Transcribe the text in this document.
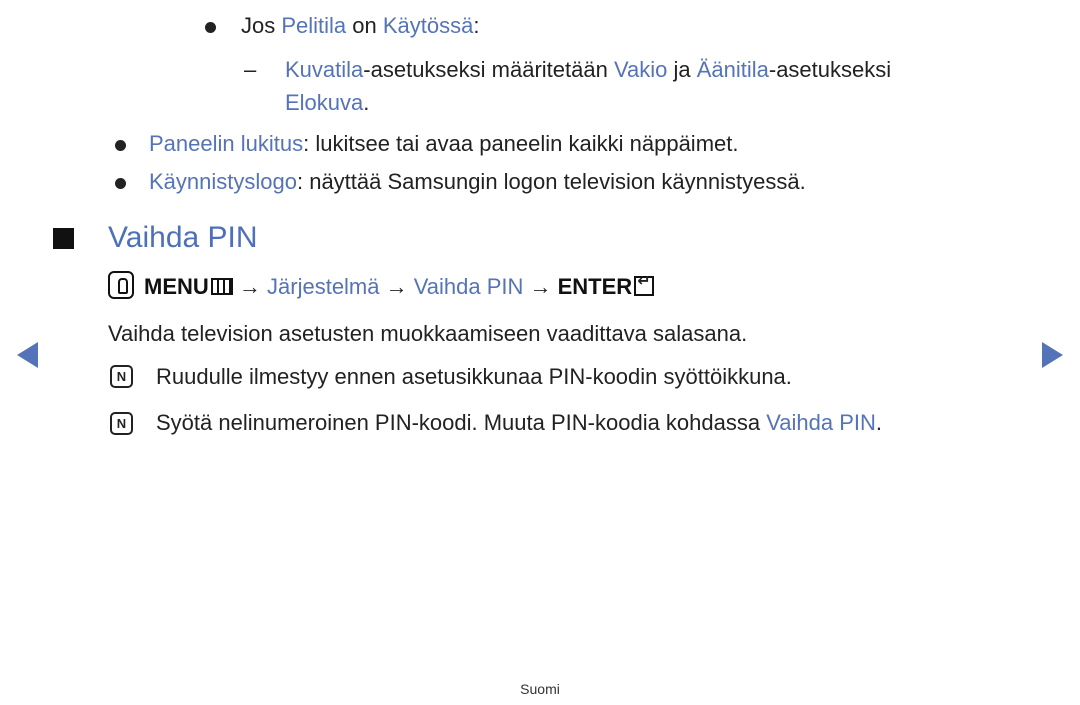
Jos Pelitila on Käytössä:
– Kuvatila-asetukseksi määritetään Vakio ja Äänitila-asetukseksi
Elokuva.
Paneelin lukitus: lukitsee tai avaa paneelin kaikki näppäimet.
Käynnistyslogo: näyttää Samsungin logon television käynnistyessä.
Vaihda PIN
MENU → Järjestelmä → Vaihda PIN → ENTER↵
Vaihda television asetusten muokkaamiseen vaadittava salasana.
N	Ruudulle ilmestyy ennen asetusikkunaa PIN-koodin syöttöikkuna.
N	Syötä nelinumeroinen PIN-koodi. Muuta PIN-koodia kohdassa Vaihda PIN.
Suomi
